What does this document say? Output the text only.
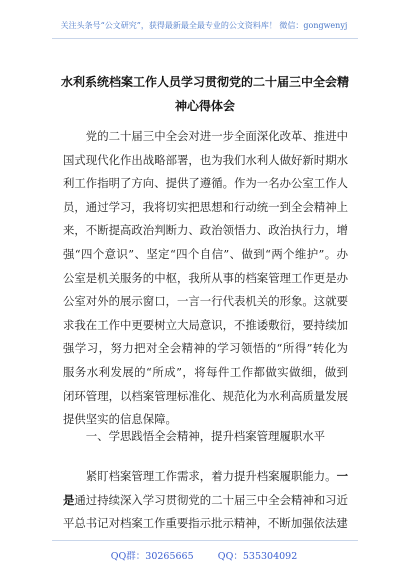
关注头条号“公文研究”，获得最新最全最专业的公文资料库！ 微信：gongwenyj
水利系统档案工作人员学习贯彻党的二十届三中全会精神心得体会

党的二十届三中全会对进一步全面深化改革、推进中国式现代化作出战略部署，也为我们水利人做好新时期水利工作指明了方向、提供了遵循。作为一名办公室工作人员，通过学习，我将切实把思想和行动统一到全会精神上来，不断提高政治判断力、政治领悟力、政治执行力，增强“四个意识”、坚定“四个自信”、做到“两个维护”。办公室是机关服务的中枢，我所从事的档案管理工作更是办公室对外的展示窗口，一言一行代表机关的形象。这就要求我在工作中更要树立大局意识，不推诿敷衍，要持续加强学习，努力把对全会精神的学习领悟的“所得”转化为服务水利发展的“所成”，将每件工作都做实做细，做到闭环管理，以档案管理标准化、规范化为水利高质量发展提供坚实的信息保障。

一、学思践悟全会精神，提升档案管理履职水平

紧盯档案管理工作需求，着力提升档案履职能力。一是通过持续深入学习贯彻党的二十届三中全会精神和习近平总书记对档案工作重要指示批示精神，不断加强依法建

QQ群：30265665        QQ：535304092
